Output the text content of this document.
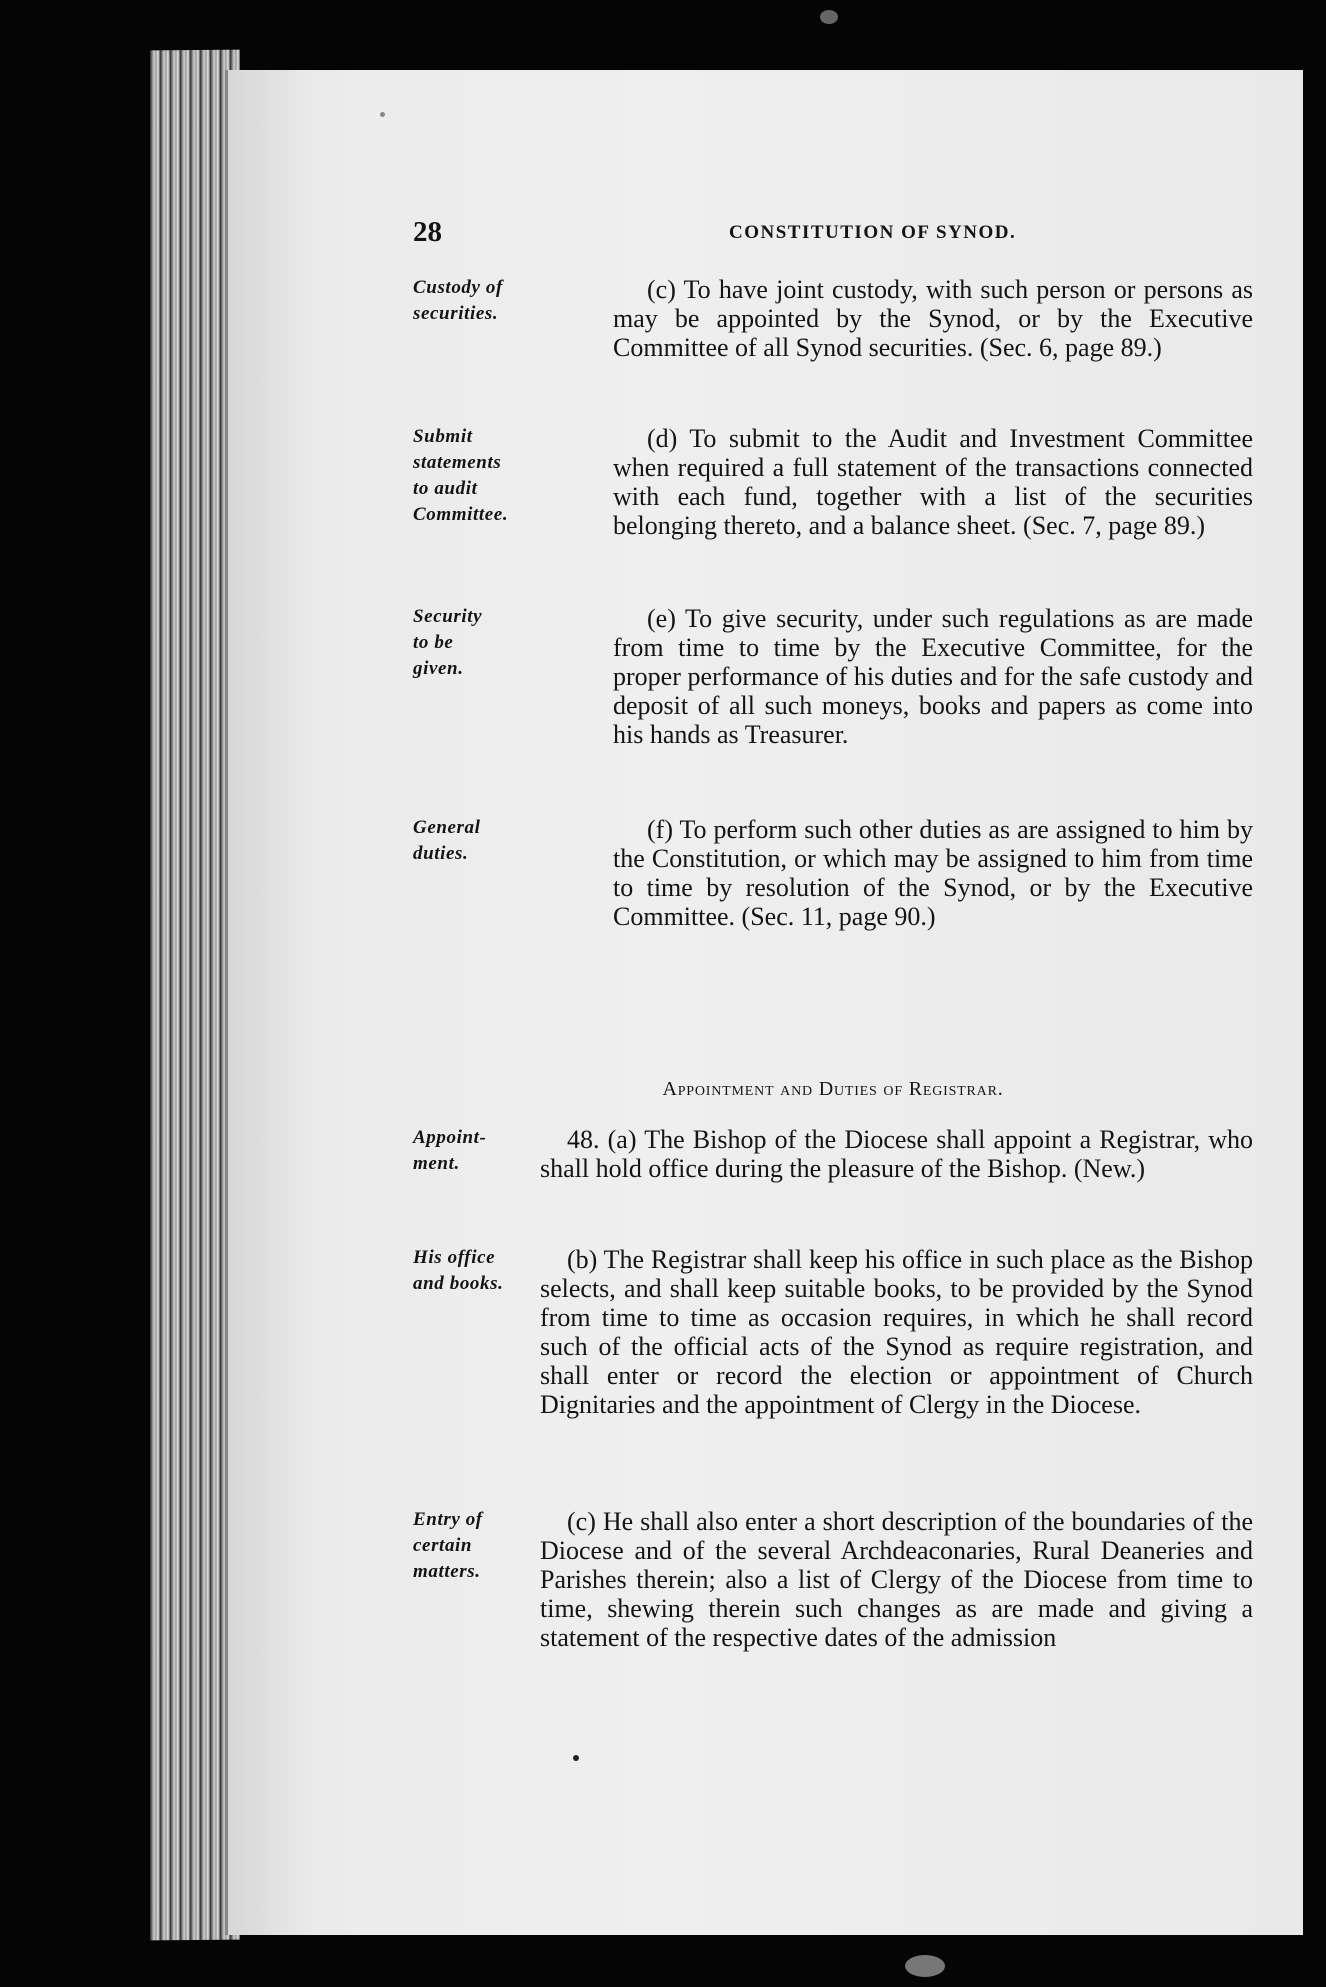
28	CONSTITUTION OF SYNOD.
Custody of
securities.
(c) To have joint custody, with such person or persons as may be appointed by the Synod, or by the Executive Committee of all Synod securities. (Sec. 6, page 89.)
Submit
statements
to audit
Committee.
(d) To submit to the Audit and Investment Committee when required a full statement of the transactions connected with each fund, together with a list of the securities belonging thereto, and a balance sheet. (Sec. 7, page 89.)
Security
to be
given.
(e) To give security, under such regulations as are made from time to time by the Executive Committee, for the proper performance of his duties and for the safe custody and deposit of all such moneys, books and papers as come into his hands as Treasurer.
General
duties.
(f) To perform such other duties as are assigned to him by the Constitution, or which may be assigned to him from time to time by resolution of the Synod, or by the Executive Committee. (Sec. 11, page 90.)
Appointment and Duties of Registrar.
Appoint-
ment.
48. (a) The Bishop of the Diocese shall appoint a Registrar, who shall hold office during the pleasure of the Bishop. (New.)
His office
and books.
(b) The Registrar shall keep his office in such place as the Bishop selects, and shall keep suitable books, to be provided by the Synod from time to time as occasion requires, in which he shall record such of the official acts of the Synod as require registration, and shall enter or record the election or appointment of Church Dignitaries and the appointment of Clergy in the Diocese.
Entry of
certain
matters.
(c) He shall also enter a short description of the boundaries of the Diocese and of the several Archdeaconaries, Rural Deaneries and Parishes therein; also a list of Clergy of the Diocese from time to time, shewing therein such changes as are made and giving a statement of the respective dates of the admission
